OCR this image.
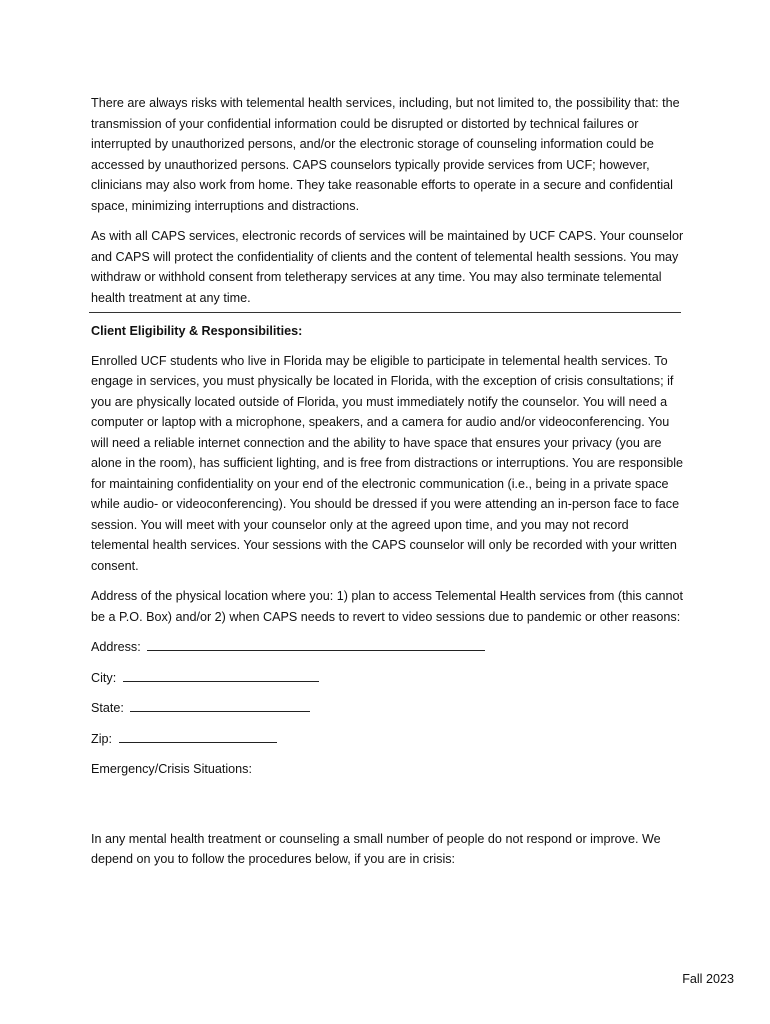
There are always risks with telemental health services, including, but not limited to, the possibility that: the transmission of your confidential information could be disrupted or distorted by technical failures or interrupted by unauthorized persons, and/or the electronic storage of counseling information could be accessed by unauthorized persons. CAPS counselors typically provide services from UCF; however, clinicians may also work from home. They take reasonable efforts to operate in a secure and confidential space, minimizing interruptions and distractions.

As with all CAPS services, electronic records of services will be maintained by UCF CAPS. Your counselor and CAPS will protect the confidentiality of clients and the content of telemental health sessions. You may withdraw or withhold consent from teletherapy services at any time. You may also terminate telemental health treatment at any time.

Client Eligibility & Responsibilities:

Enrolled UCF students who live in Florida may be eligible to participate in telemental health services. To engage in services, you must physically be located in Florida, with the exception of crisis consultations; if you are physically located outside of Florida, you must immediately notify the counselor. You will need a computer or laptop with a microphone, speakers, and a camera for audio and/or videoconferencing. You will need a reliable internet connection and the ability to have space that ensures your privacy (you are alone in the room), has sufficient lighting, and is free from distractions or interruptions. You are responsible for maintaining confidentiality on your end of the electronic communication (i.e., being in a private space while audio- or videoconferencing). You should be dressed if you were attending an in-person face to face session. You will meet with your counselor only at the agreed upon time, and you may not record telemental health services. Your sessions with the CAPS counselor will only be recorded with your written consent.

Address of the physical location where you: 1) plan to access Telemental Health services from (this cannot be a P.O. Box) and/or 2) when CAPS needs to revert to video sessions due to pandemic or other reasons:

Address:
City:
State:
Zip:
Emergency/Crisis Situations:

In any mental health treatment or counseling a small number of people do not respond or improve. We depend on you to follow the procedures below, if you are in crisis:

Fall 2023
